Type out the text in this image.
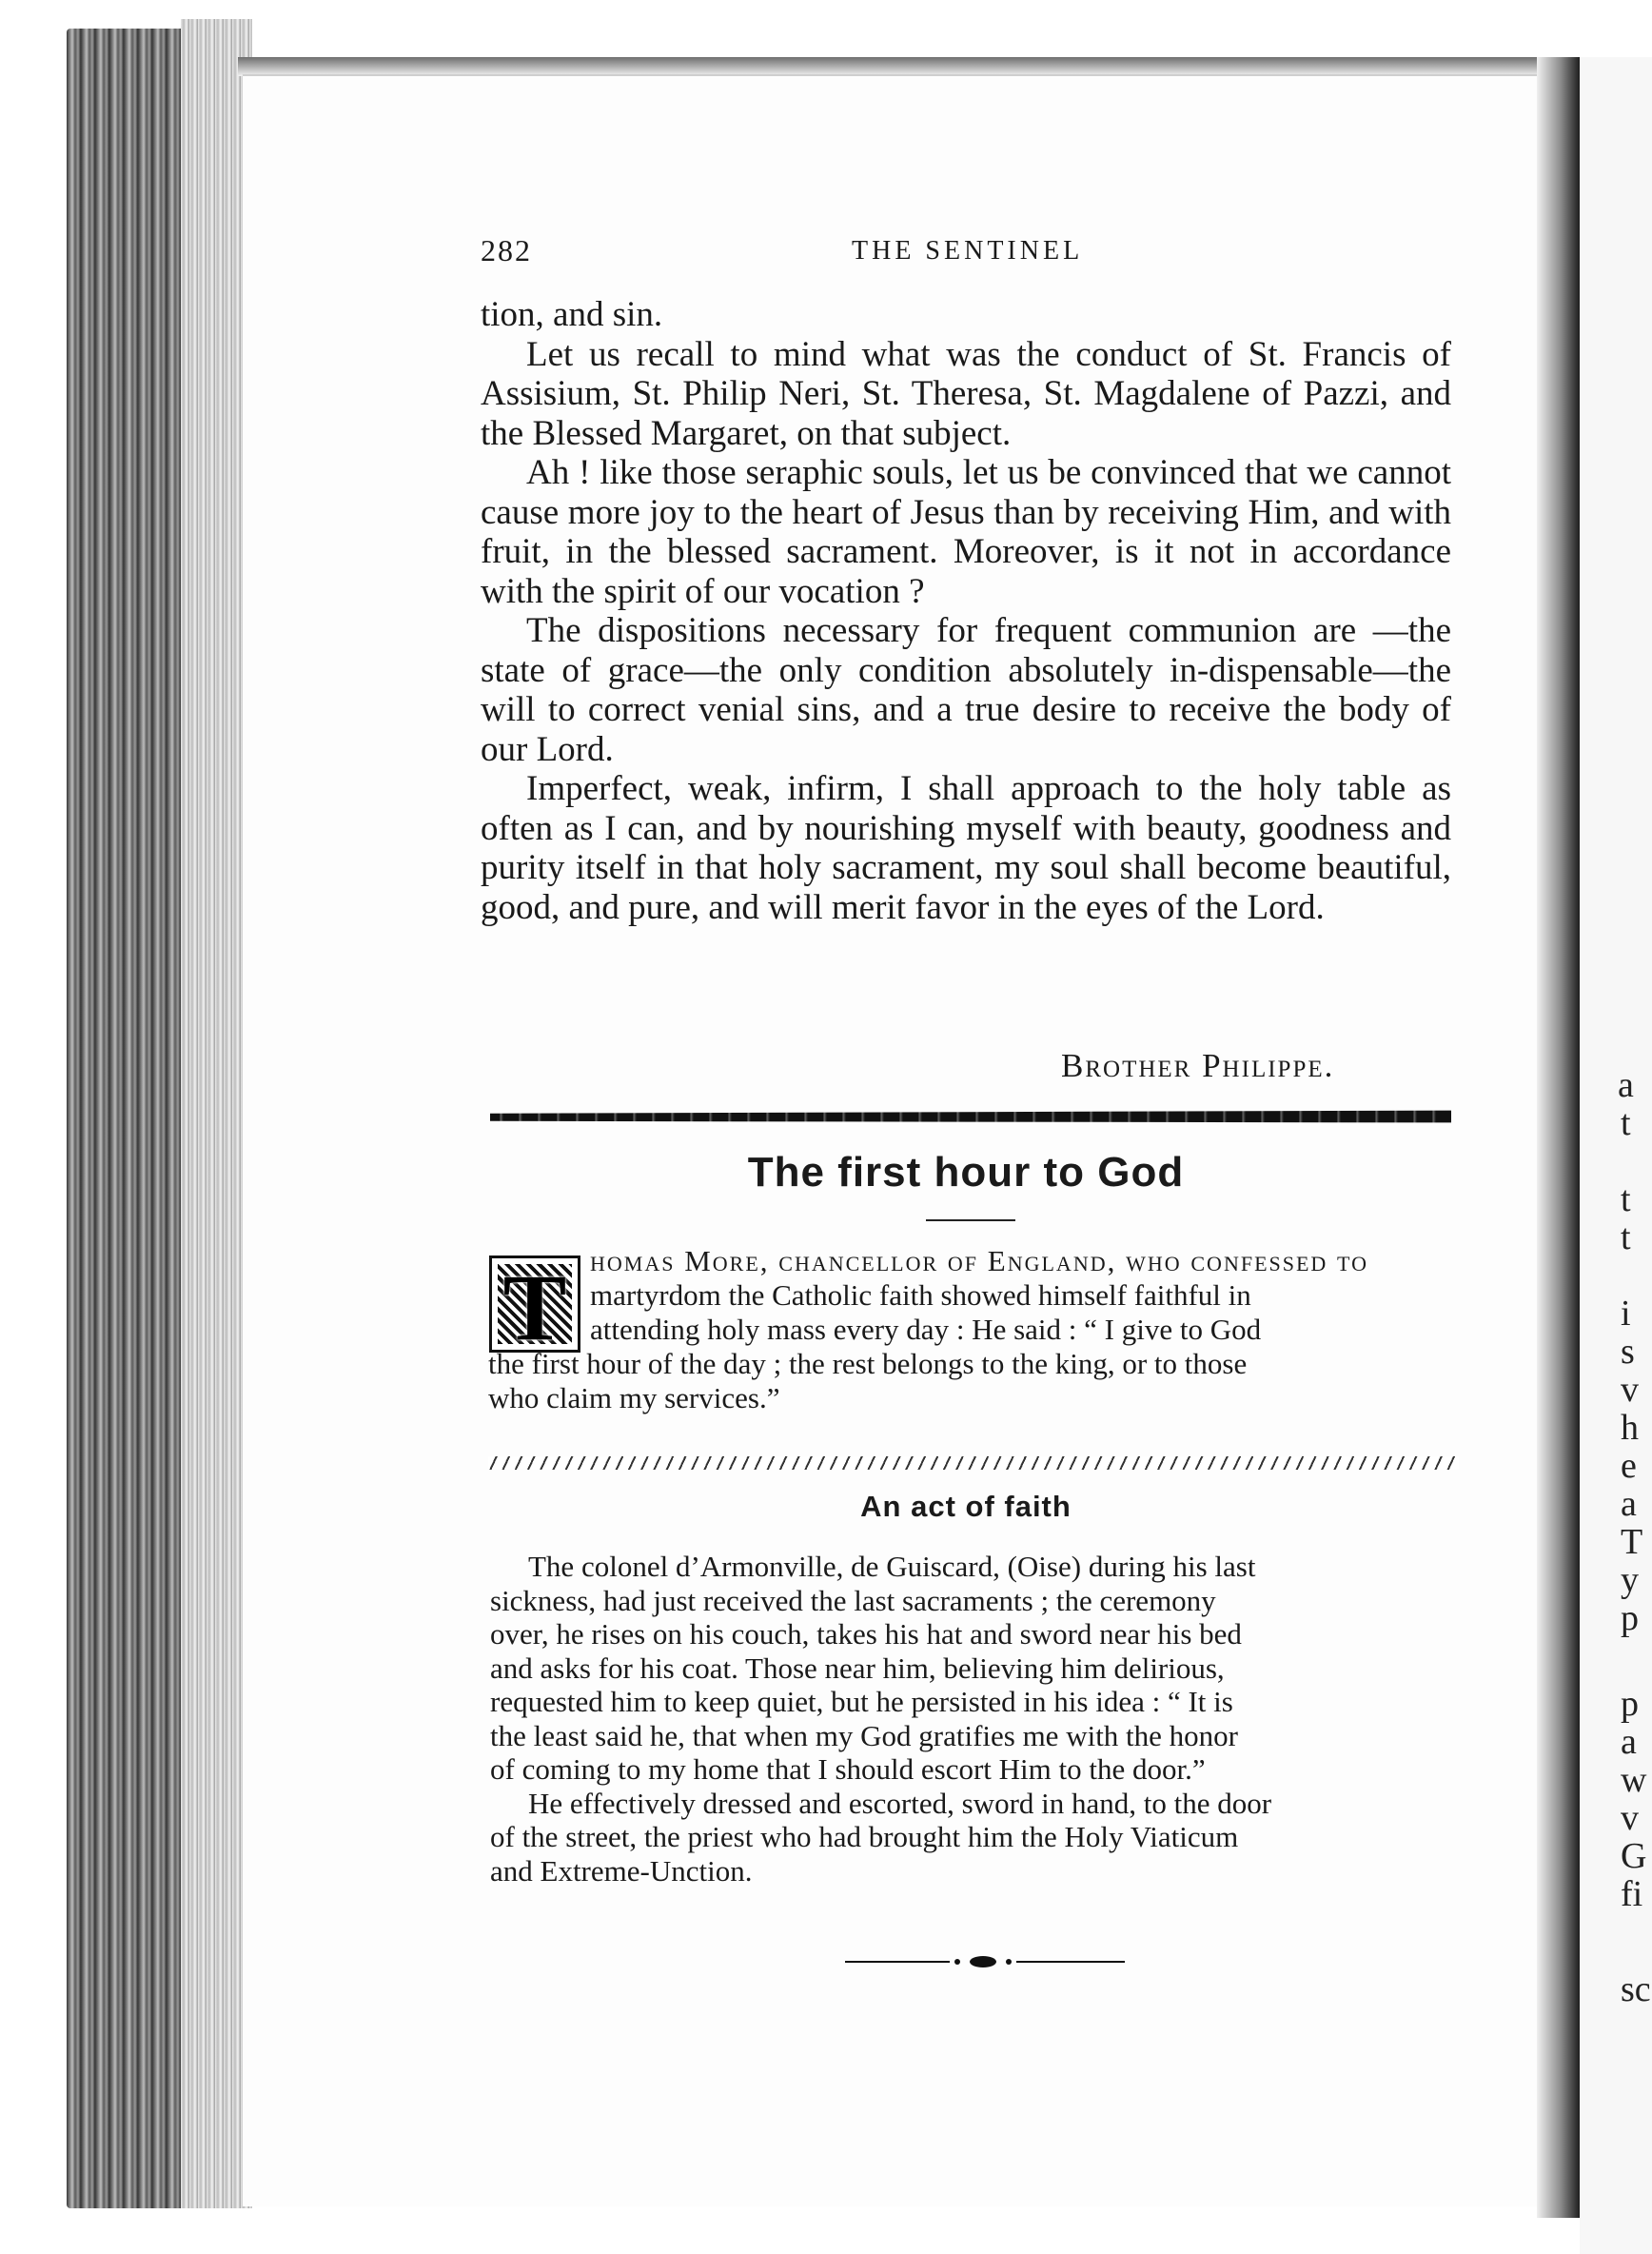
a
t
t
t
i
s
v
h
e
a
T
y
p
p
a
w
v
G
fi
sc
282	THE SENTINEL

tion, and sin.

Let us recall to mind what was the conduct of St. Francis of Assisium, St. Philip Neri, St. Theresa, St. Magdalene of Pazzi, and the Blessed Margaret, on that subject.

Ah ! like those seraphic souls, let us be convinced that we cannot cause more joy to the heart of Jesus than by receiving Him, and with fruit, in the blessed sacrament. Moreover, is it not in accordance with the spirit of our vocation ?

The dispositions necessary for frequent communion are —the state of grace—the only condition absolutely in-dispensable—the will to correct venial sins, and a true desire to receive the body of our Lord.

Imperfect, weak, infirm, I shall approach to the holy table as often as I can, and by nourishing myself with beauty, goodness and purity itself in that holy sacrament, my soul shall become beautiful, good, and pure, and will merit favor in the eyes of the Lord.

Brother Philippe.
The first hour to God
T homas More, chancellor of England, who confessed to
martyrdom the Catholic faith showed himself faithful in
attending holy mass every day : He said : “ I give to God
the first hour of the day ; the rest belongs to the king, or to those
who claim my services.”
An act of faith
The colonel d’Armonville, de Guiscard, (Oise) during his last
sickness, had just received the last sacraments ; the ceremony
over, he rises on his couch, takes his hat and sword near his bed
and asks for his coat. Those near him, believing him delirious,
requested him to keep quiet, but he persisted in his idea : “ It is
the least said he, that when my God gratifies me with the honor
of coming to my home that I should escort Him to the door.”
He effectively dressed and escorted, sword in hand, to the door
of the street, the priest who had brought him the Holy Viaticum
and Extreme-Unction.
